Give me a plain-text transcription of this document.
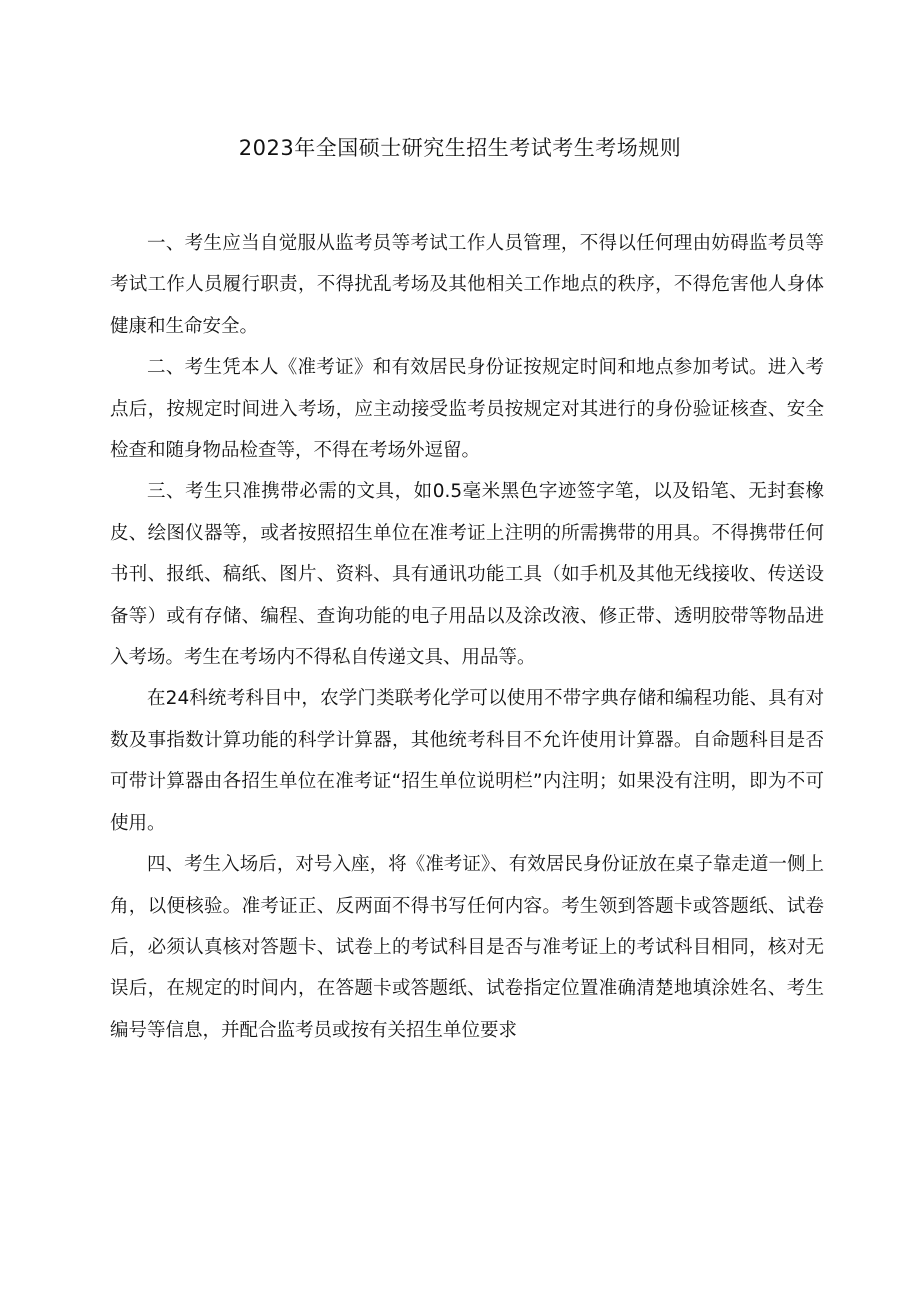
2023年全国硕士研究生招生考试考生考场规则

一、考生应当自觉服从监考员等考试工作人员管理，不得以任何理由妨碍监考员等考试工作人员履行职责，不得扰乱考场及其他相关工作地点的秩序，不得危害他人身体健康和生命安全。

二、考生凭本人《准考证》和有效居民身份证按规定时间和地点参加考试。进入考点后，按规定时间进入考场，应主动接受监考员按规定对其进行的身份验证核查、安全检查和随身物品检查等，不得在考场外逗留。

三、考生只准携带必需的文具，如0.5毫米黑色字迹签字笔，以及铅笔、无封套橡皮、绘图仪器等，或者按照招生单位在准考证上注明的所需携带的用具。不得携带任何书刊、报纸、稿纸、图片、资料、具有通讯功能工具（如手机及其他无线接收、传送设备等）或有存储、编程、查询功能的电子用品以及涂改液、修正带、透明胶带等物品进入考场。考生在考场内不得私自传递文具、用品等。

在24科统考科目中，农学门类联考化学可以使用不带字典存储和编程功能、具有对数及事指数计算功能的科学计算器，其他统考科目不允许使用计算器。自命题科目是否可带计算器由各招生单位在准考证“招生单位说明栏”内注明；如果没有注明，即为不可使用。

四、考生入场后，对号入座，将《准考证》、有效居民身份证放在桌子靠走道一侧上角，以便核验。准考证正、反两面不得书写任何内容。考生领到答题卡或答题纸、试卷后，必须认真核对答题卡、试卷上的考试科目是否与准考证上的考试科目相同，核对无误后，在规定的时间内，在答题卡或答题纸、试卷指定位置准确清楚地填涂姓名、考生编号等信息，并配合监考员或按有关招生单位要求
